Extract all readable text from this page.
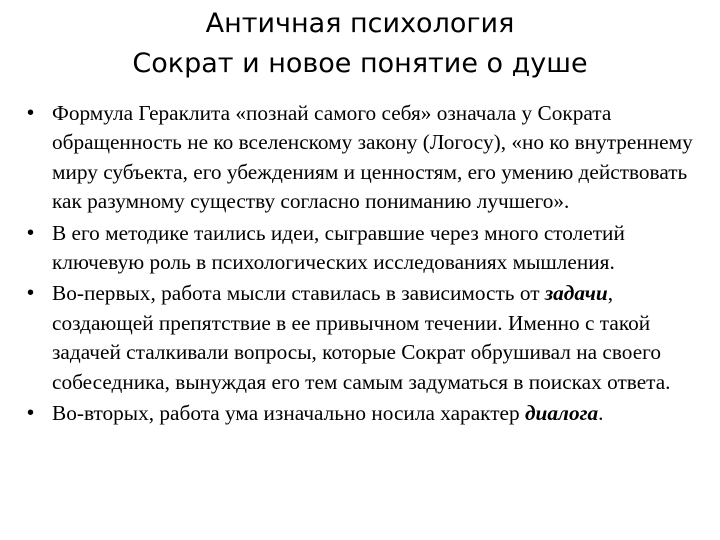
Античная психология
Сократ и новое понятие о душе
• Формула Гераклита «познай самого себя» означала у Сократа обращенность не ко вселенскому закону (Логосу), «но ко внутреннему миру субъекта, его убеждениям и ценностям, его умению действовать как разумному существу согласно пониманию лучшего».
• В его методике таились идеи, сыгравшие через много столетий ключевую роль в психологических исследованиях мышления.
• Во-первых, работа мысли ставилась в зависимость от задачи, создающей препятствие в ее привычном течении. Именно с такой задачей сталкивали вопросы, которые Сократ обрушивал на своего собеседника, вынуждая его тем самым задуматься в поисках ответа.
• Во-вторых, работа ума изначально носила характер диалога.
